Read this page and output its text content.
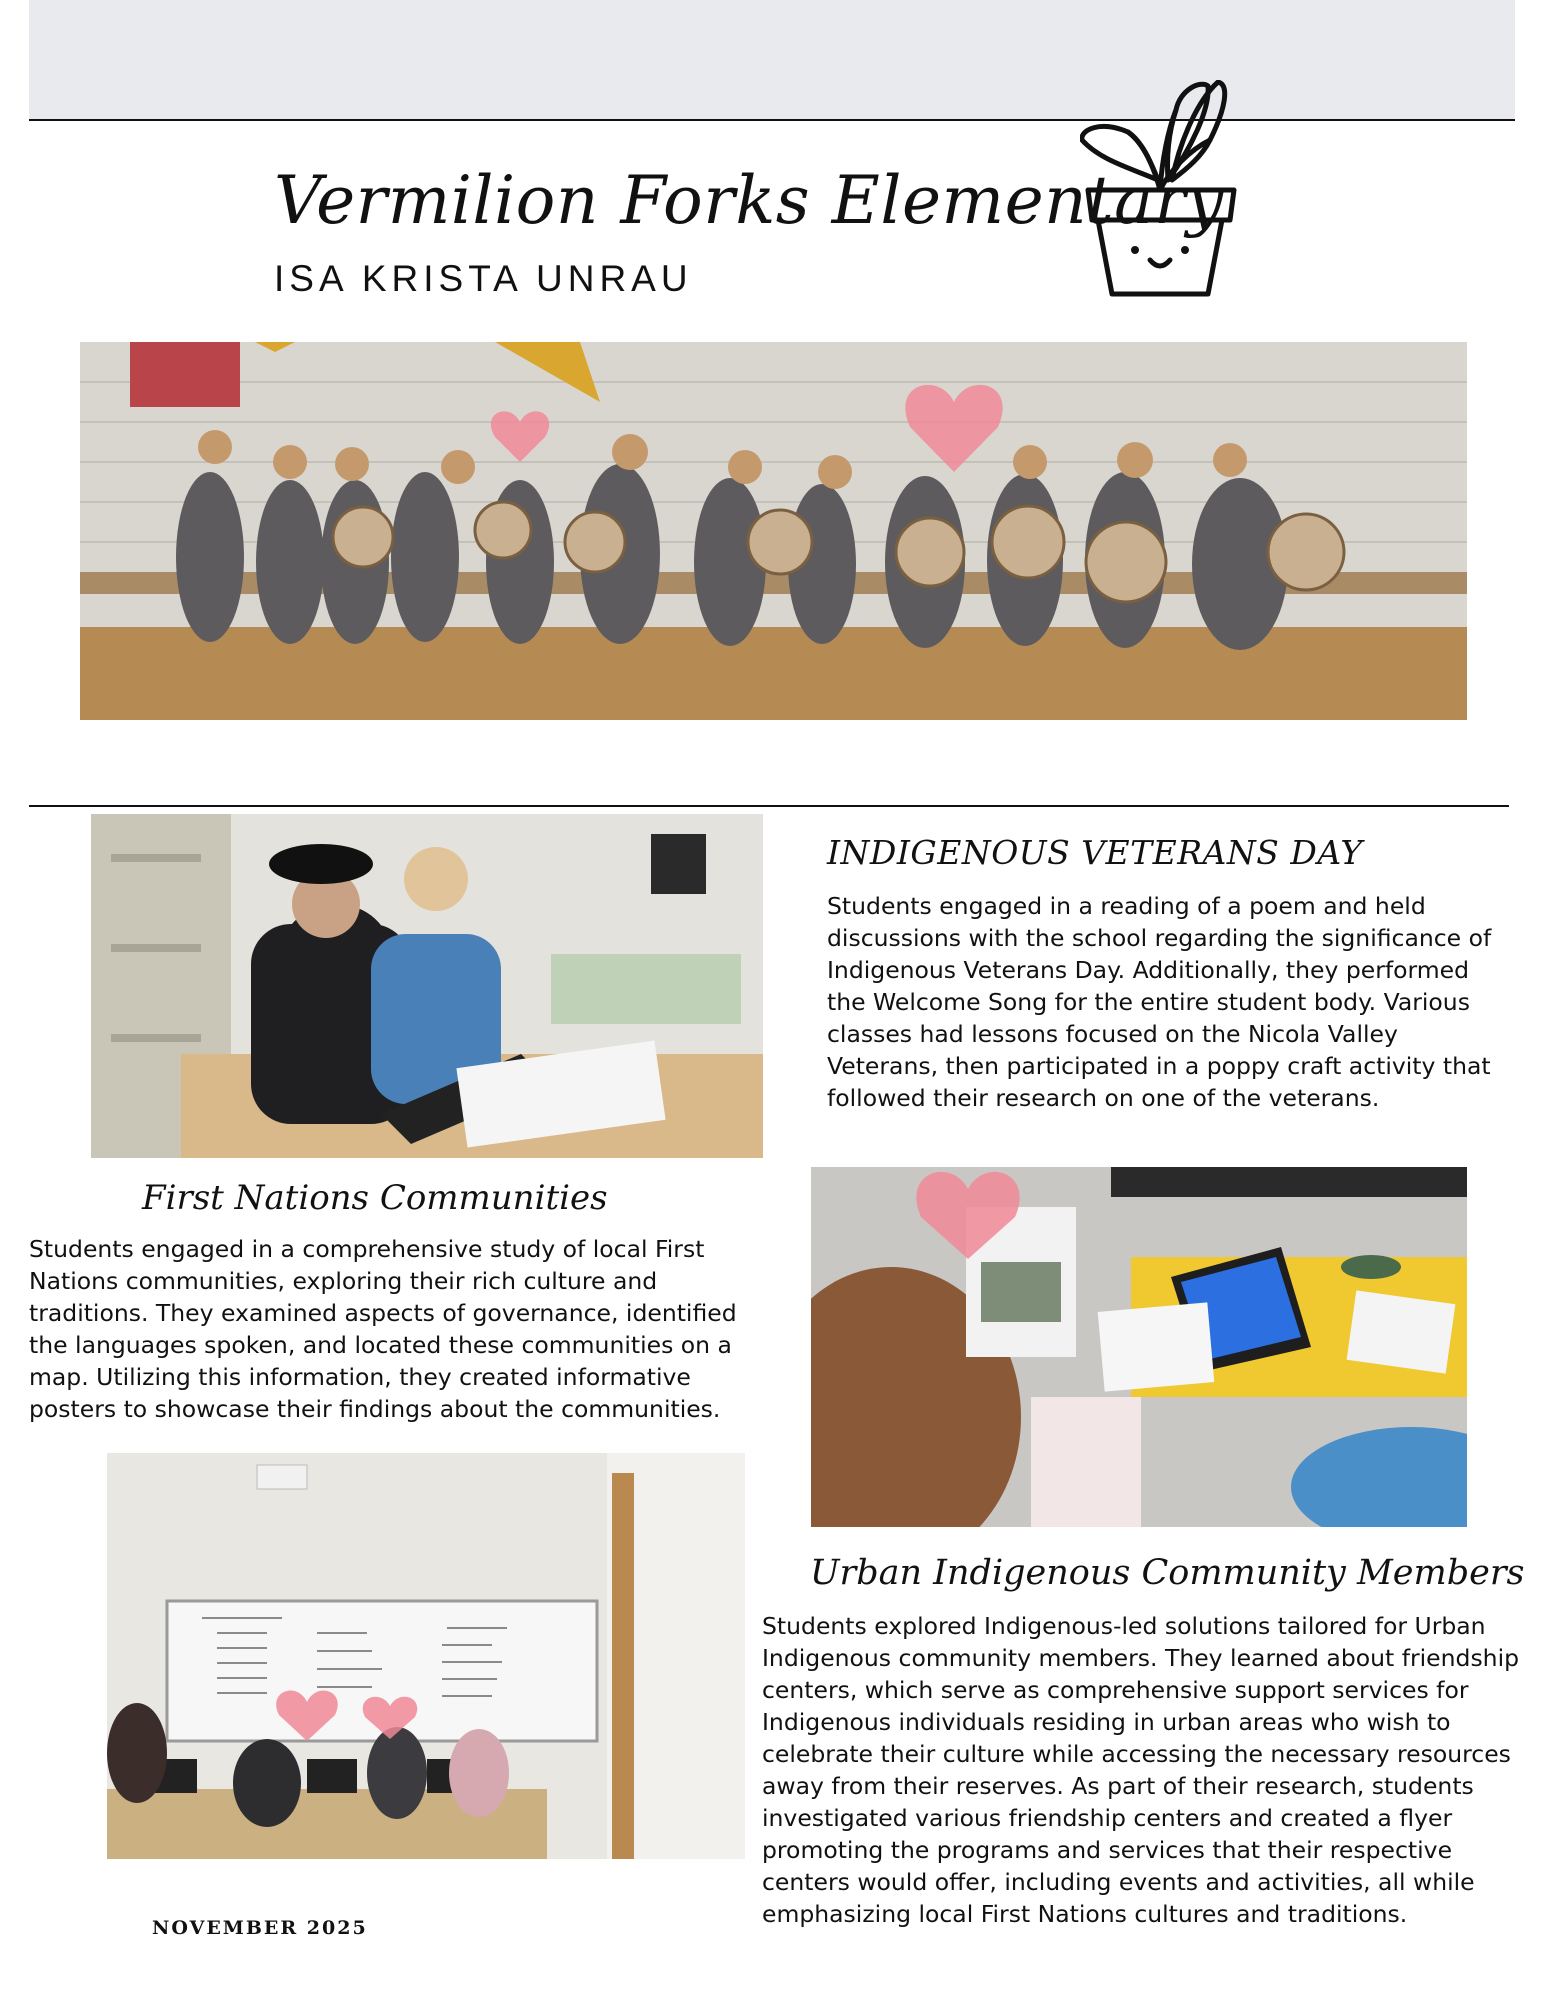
Vermilion Forks Elementary
ISA KRISTA UNRAU
INDIGENOUS VETERANS DAY

Students engaged in a reading of a poem and held discussions with the school regarding the significance of Indigenous Veterans Day. Additionally, they performed the Welcome Song for the entire student body. Various classes had lessons focused on the Nicola Valley Veterans, then participated in a poppy craft activity that followed their research on one of the veterans.

First Nations Communities

Students engaged in a comprehensive study of local First Nations communities, exploring their rich culture and traditions. They examined aspects of governance, identified the languages spoken, and located these communities on a map. Utilizing this information, they created informative posters to showcase their findings about the communities.

Urban Indigenous Community Members

Students explored Indigenous-led solutions tailored for Urban Indigenous community members. They learned about friendship centers, which serve as comprehensive support services for Indigenous individuals residing in urban areas who wish to celebrate their culture while accessing the necessary resources away from their reserves. As part of their research, students investigated various friendship centers and created a flyer promoting the programs and services that their respective centers would offer, including events and activities, all while emphasizing local First Nations cultures and traditions.

NOVEMBER 2025
